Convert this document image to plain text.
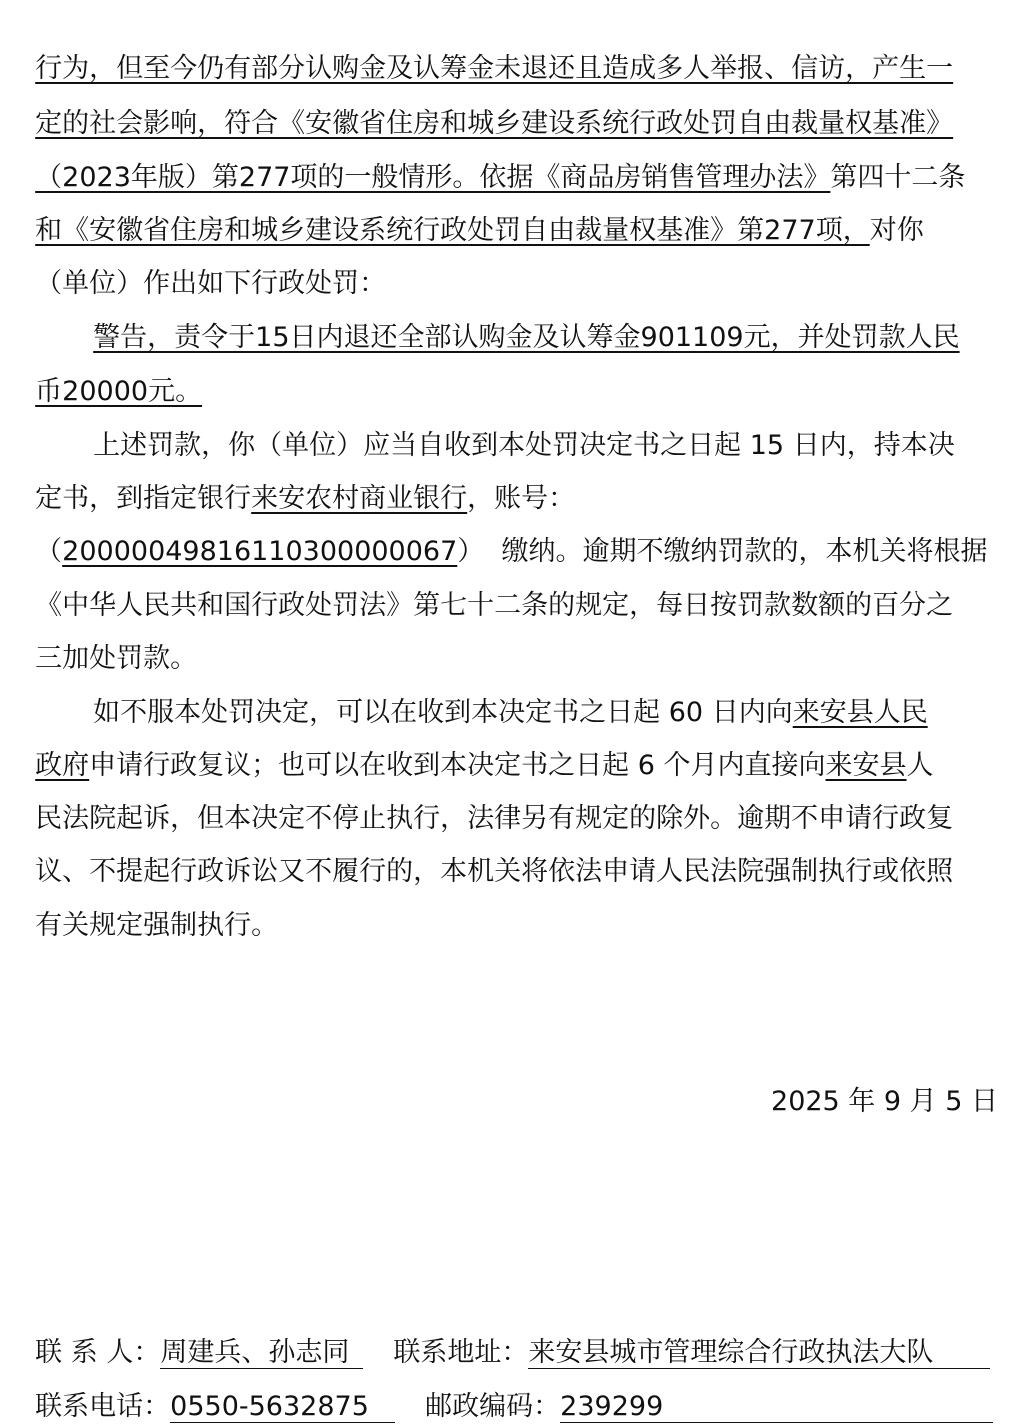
行为，但至今仍有部分认购金及认筹金未退还且造成多人举报、信访，产生一

定的社会影响，符合《安徽省住房和城乡建设系统行政处罚自由裁量权基准》

（2023年版）第277项的一般情形。依据《商品房销售管理办法》第四十二条

和《安徽省住房和城乡建设系统行政处罚自由裁量权基准》第277项，对你

（单位）作出如下行政处罚：

警告，责令于15日内退还全部认购金及认筹金901109元，并处罚款人民

币20000元。

上述罚款，你（单位）应当自收到本处罚决定书之日起 15 日内，持本决

定书，到指定银行来安农村商业银行，账号：

（20000049816110300000067）  缴纳。逾期不缴纳罚款的，本机关将根据

《中华人民共和国行政处罚法》第七十二条的规定，每日按罚款数额的百分之

三加处罚款。

如不服本处罚决定，可以在收到本决定书之日起 60 日内向来安县人民

政府申请行政复议；也可以在收到本决定书之日起 6 个月内直接向来安县人

民法院起诉，但本决定不停止执行，法律另有规定的除外。逾期不申请行政复

议、不提起行政诉讼又不履行的，本机关将依法申请人民法院强制执行或依照

有关规定强制执行。

2025 年 9 月 5 日

联 系 人：周建兵、孙志同 联系地址：来安县城市管理综合行政执法大队

联系电话：0550-5632875 邮政编码：239299
